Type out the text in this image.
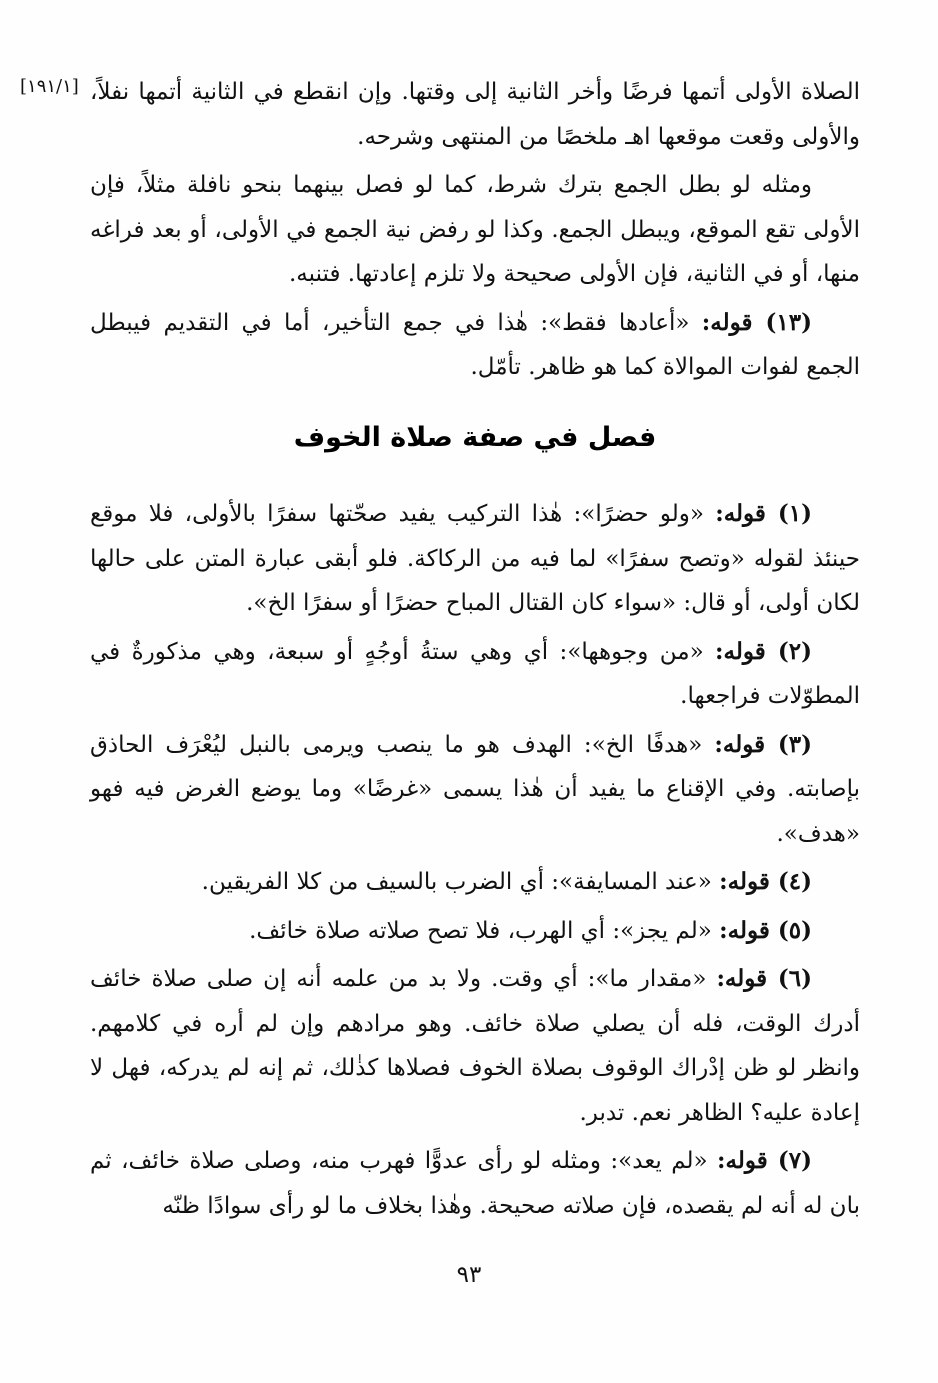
[١٩١/١] الصلاة الأولى أتمها فرضًا وأخر الثانية إلى وقتها. وإن انقطع في الثانية أتمها نفلاً، والأولى وقعت موقعها اهـ ملخصًا من المنتهى وشرحه.

ومثله لو بطل الجمع بترك شرط، كما لو فصل بينهما بنحو نافلة مثلاً، فإن الأولى تقع الموقع، ويبطل الجمع. وكذا لو رفض نية الجمع في الأولى، أو بعد فراغه منها، أو في الثانية، فإن الأولى صحيحة ولا تلزم إعادتها. فتنبه.

(١٣) قوله: «أعادها فقط»: هٰذا في جمع التأخير، أما في التقديم فيبطل الجمع لفوات الموالاة كما هو ظاهر. تأمّل.

فصل في صفة صلاة الخوف

(١) قوله: «ولو حضرًا»: هٰذا التركيب يفيد صحّتها سفرًا بالأولى، فلا موقع حينئذ لقوله «وتصح سفرًا» لما فيه من الركاكة. فلو أبقى عبارة المتن على حالها لكان أولى، أو قال: «سواء كان القتال المباح حضرًا أو سفرًا الخ».

(٢) قوله: «من وجوهها»: أي وهي ستةُ أوجُهٍ أو سبعة، وهي مذكورةٌ في المطوّلات فراجعها.

(٣) قوله: «هدفًا الخ»: الهدف هو ما ينصب ويرمى بالنبل ليُعْرَف الحاذق بإصابته. وفي الإقناع ما يفيد أن هٰذا يسمى «غرضًا» وما يوضع الغرض فيه فهو «هدف».

(٤) قوله: «عند المسايفة»: أي الضرب بالسيف من كلا الفريقين.

(٥) قوله: «لم يجز»: أي الهرب، فلا تصح صلاته صلاة خائف.

(٦) قوله: «مقدار ما»: أي وقت. ولا بد من علمه أنه إن صلى صلاة خائف أدرك الوقت، فله أن يصلي صلاة خائف. وهو مرادهم وإن لم أره في كلامهم. وانظر لو ظن إدْراك الوقوف بصلاة الخوف فصلاها كذٰلك، ثم إنه لم يدركه، فهل لا إعادة عليه؟ الظاهر نعم. تدبر.

(٧) قوله: «لم يعد»: ومثله لو رأى عدوًّا فهرب منه، وصلى صلاة خائف، ثم بان له أنه لم يقصده، فإن صلاته صحيحة. وهٰذا بخلاف ما لو رأى سوادًا ظنّه

٩٣
